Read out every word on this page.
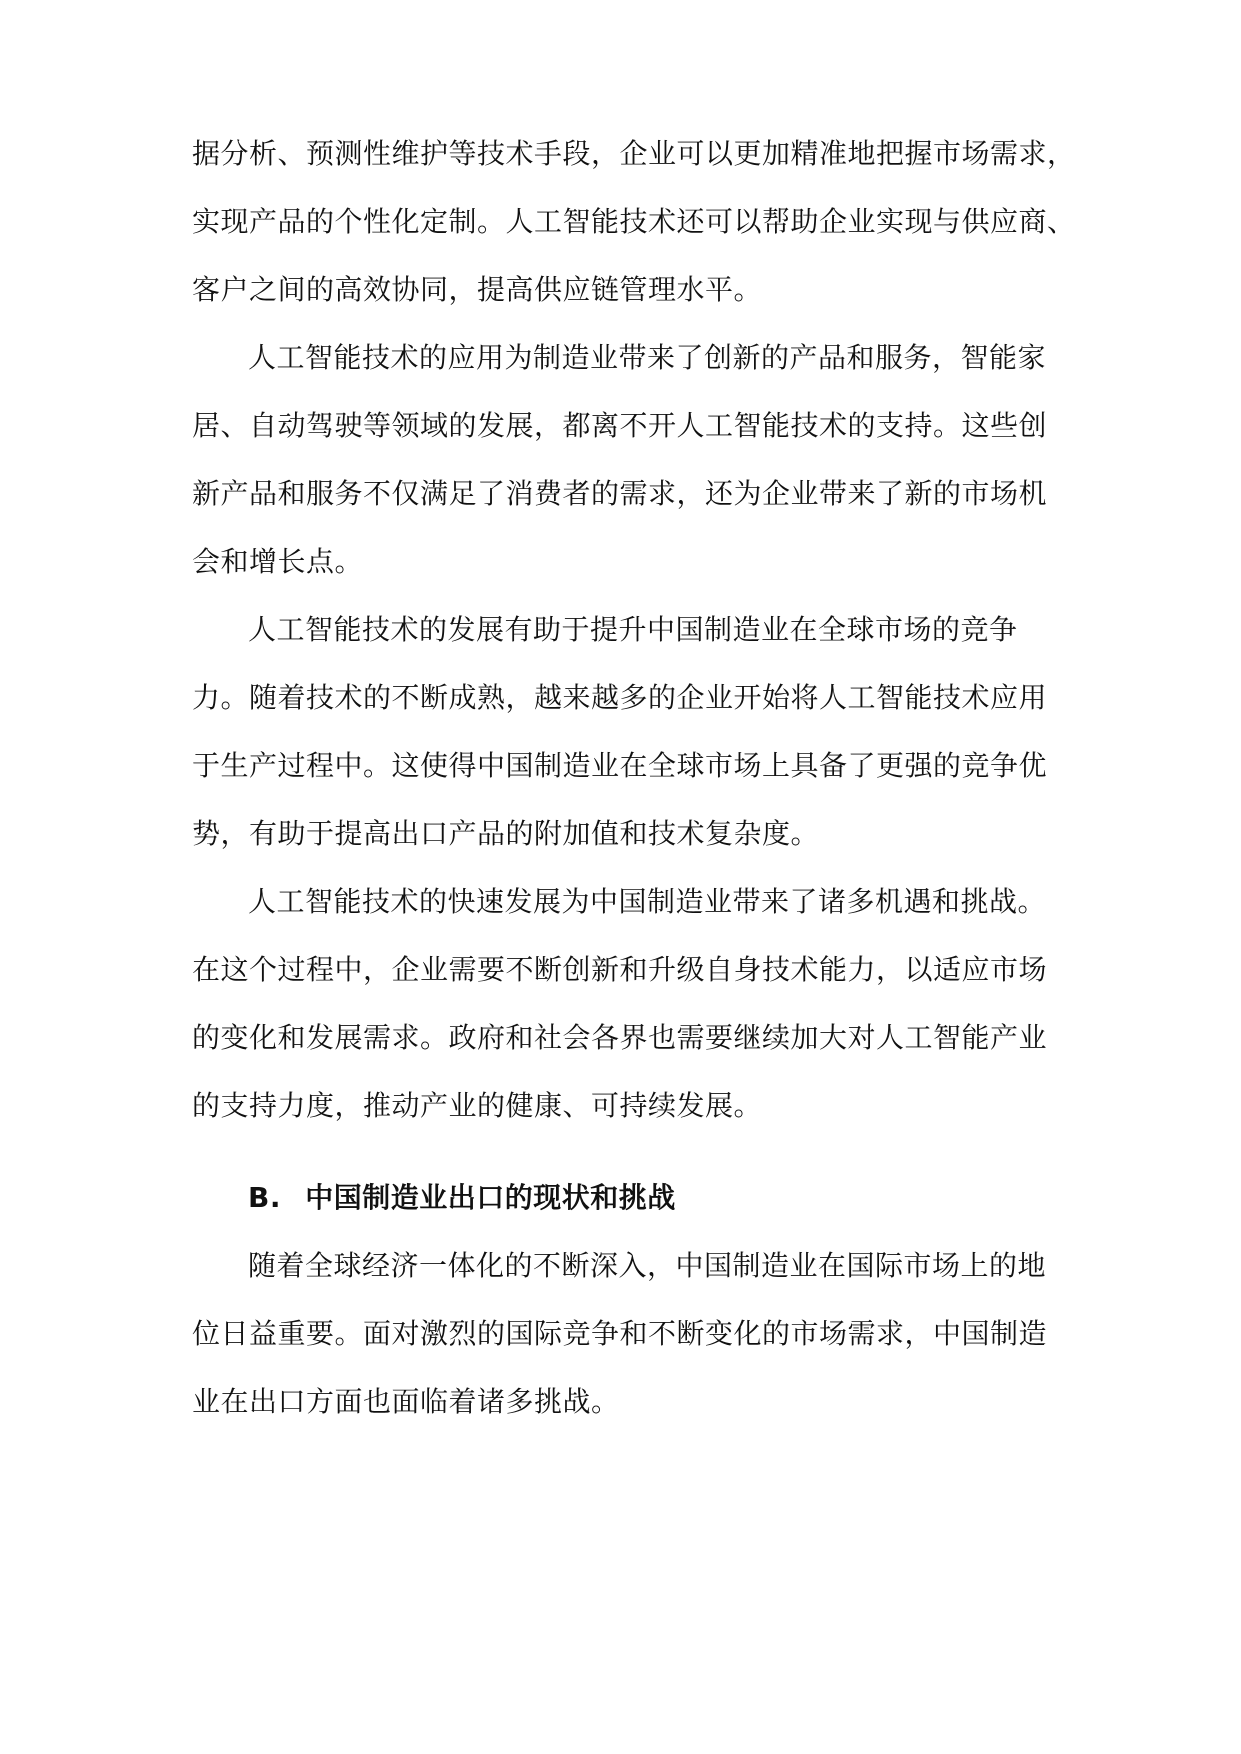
据分析、预测性维护等技术手段，企业可以更加精准地把握市场需求，
实现产品的个性化定制。人工智能技术还可以帮助企业实现与供应商、
客户之间的高效协同，提高供应链管理水平。
人工智能技术的应用为制造业带来了创新的产品和服务，智能家
居、自动驾驶等领域的发展，都离不开人工智能技术的支持。这些创
新产品和服务不仅满足了消费者的需求，还为企业带来了新的市场机
会和增长点。
人工智能技术的发展有助于提升中国制造业在全球市场的竞争
力。随着技术的不断成熟，越来越多的企业开始将人工智能技术应用
于生产过程中。这使得中国制造业在全球市场上具备了更强的竞争优
势，有助于提高出口产品的附加值和技术复杂度。
人工智能技术的快速发展为中国制造业带来了诸多机遇和挑战。
在这个过程中，企业需要不断创新和升级自身技术能力，以适应市场
的变化和发展需求。政府和社会各界也需要继续加大对人工智能产业
的支持力度，推动产业的健康、可持续发展。
B. 中国制造业出口的现状和挑战
随着全球经济一体化的不断深入，中国制造业在国际市场上的地
位日益重要。面对激烈的国际竞争和不断变化的市场需求，中国制造
业在出口方面也面临着诸多挑战。
